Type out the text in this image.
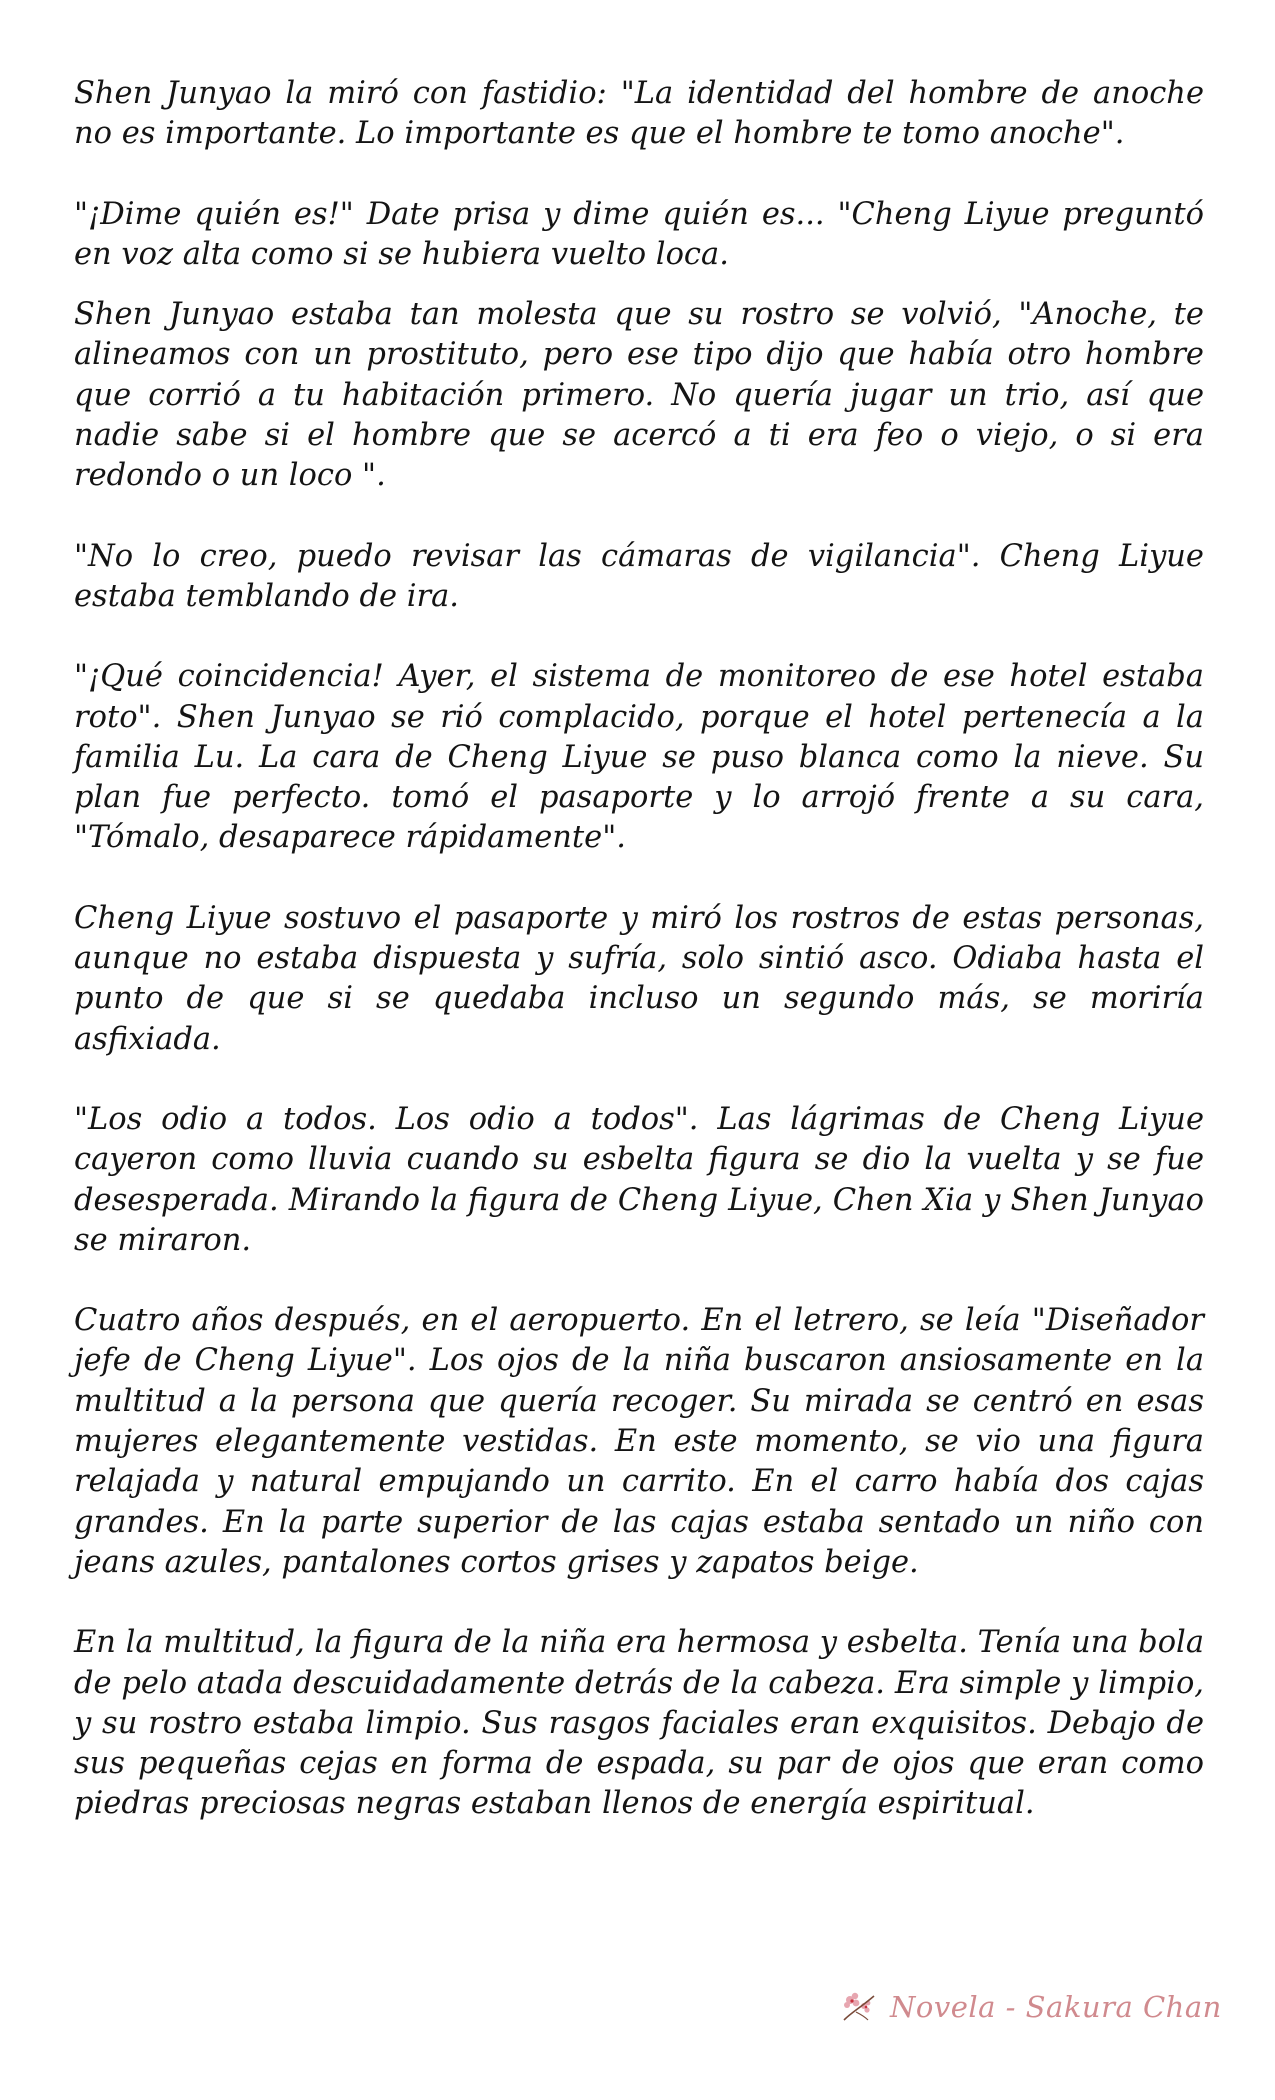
Shen Junyao la miró con fastidio: "La identidad del hombre de anoche no es importante. Lo importante es que el hombre te tomo anoche".

"¡Dime quién es!" Date prisa y dime quién es... "Cheng Liyue preguntó en voz alta como si se hubiera vuelto loca.

Shen Junyao estaba tan molesta que su rostro se volvió, "Anoche, te alineamos con un prostituto, pero ese tipo dijo que había otro hombre que corrió a tu habitación primero. No quería jugar un trio, así que nadie sabe si el hombre que se acercó a ti era feo o viejo, o si era redondo o un loco ".

"No lo creo, puedo revisar las cámaras de vigilancia". Cheng Liyue estaba temblando de ira.

"¡Qué coincidencia! Ayer, el sistema de monitoreo de ese hotel estaba roto". Shen Junyao se rió complacido, porque el hotel pertenecía a la familia Lu. La cara de Cheng Liyue se puso blanca como la nieve. Su plan fue perfecto. tomó el pasaporte y lo arrojó frente a su cara, "Tómalo, desaparece rápidamente".

Cheng Liyue sostuvo el pasaporte y miró los rostros de estas personas, aunque no estaba dispuesta y sufría, solo sintió asco. Odiaba hasta el punto de que si se quedaba incluso un segundo más, se moriría asfixiada.

"Los odio a todos. Los odio a todos". Las lágrimas de Cheng Liyue cayeron como lluvia cuando su esbelta figura se dio la vuelta y se fue desesperada. Mirando la figura de Cheng Liyue, Chen Xia y Shen Junyao se miraron.

Cuatro años después, en el aeropuerto. En el letrero, se leía "Diseñador jefe de Cheng Liyue". Los ojos de la niña buscaron ansiosamente en la multitud a la persona que quería recoger. Su mirada se centró en esas mujeres elegantemente vestidas. En este momento, se vio una figura relajada y natural empujando un carrito. En el carro había dos cajas grandes. En la parte superior de las cajas estaba sentado un niño con jeans azules, pantalones cortos grises y zapatos beige.

En la multitud, la figura de la niña era hermosa y esbelta. Tenía una bola de pelo atada descuidadamente detrás de la cabeza. Era simple y limpio, y su rostro estaba limpio. Sus rasgos faciales eran exquisitos. Debajo de sus pequeñas cejas en forma de espada, su par de ojos que eran como piedras preciosas negras estaban llenos de energía espiritual.

Novela - Sakura Chan
